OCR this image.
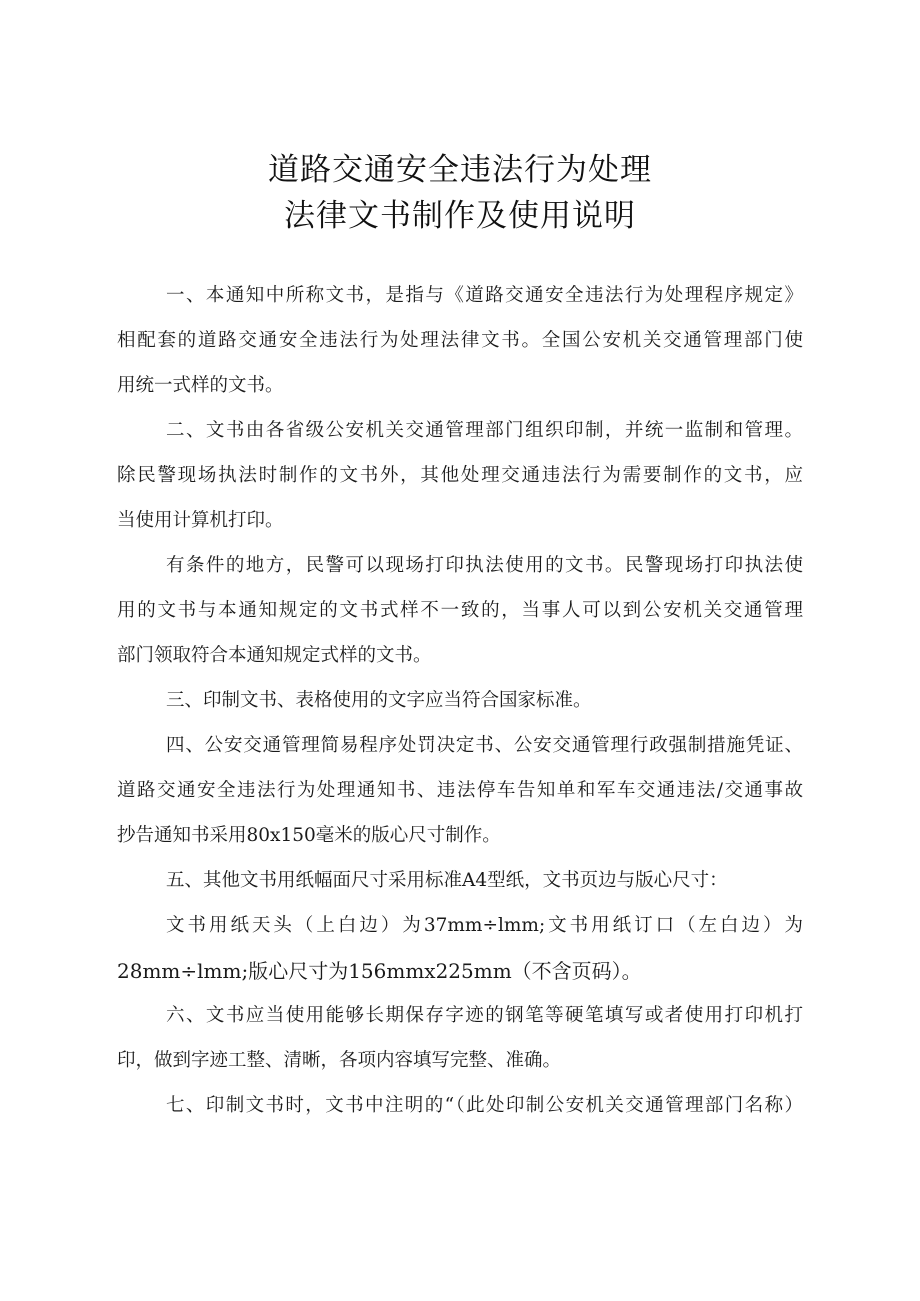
道路交通安全违法行为处理
法律文书制作及使用说明

一、本通知中所称文书，是指与《道路交通安全违法行为处理程序规定》

相配套的道路交通安全违法行为处理法律文书。全国公安机关交通管理部门使

用统一式样的文书。

二、文书由各省级公安机关交通管理部门组织印制，并统一监制和管理。

除民警现场执法时制作的文书外，其他处理交通违法行为需要制作的文书，应

当使用计算机打印。

有条件的地方，民警可以现场打印执法使用的文书。民警现场打印执法使

用的文书与本通知规定的文书式样不一致的，当事人可以到公安机关交通管理

部门领取符合本通知规定式样的文书。

三、印制文书、表格使用的文字应当符合国家标准。

四、公安交通管理简易程序处罚决定书、公安交通管理行政强制措施凭证、

道路交通安全违法行为处理通知书、违法停车告知单和军车交通违法/交通事故

抄告通知书采用80x150毫米的版心尺寸制作。

五、其他文书用纸幅面尺寸采用标准A4型纸，文书页边与版心尺寸：

文书用纸天头（上白边）为37mm÷lmm;文书用纸订口（左白边）为

28mm÷lmm;版心尺寸为156mmx225mm（不含页码）。

六、文书应当使用能够长期保存字迹的钢笔等硬笔填写或者使用打印机打

印，做到字迹工整、清晰，各项内容填写完整、准确。

七、印制文书时，文书中注明的“（此处印制公安机关交通管理部门名称）
